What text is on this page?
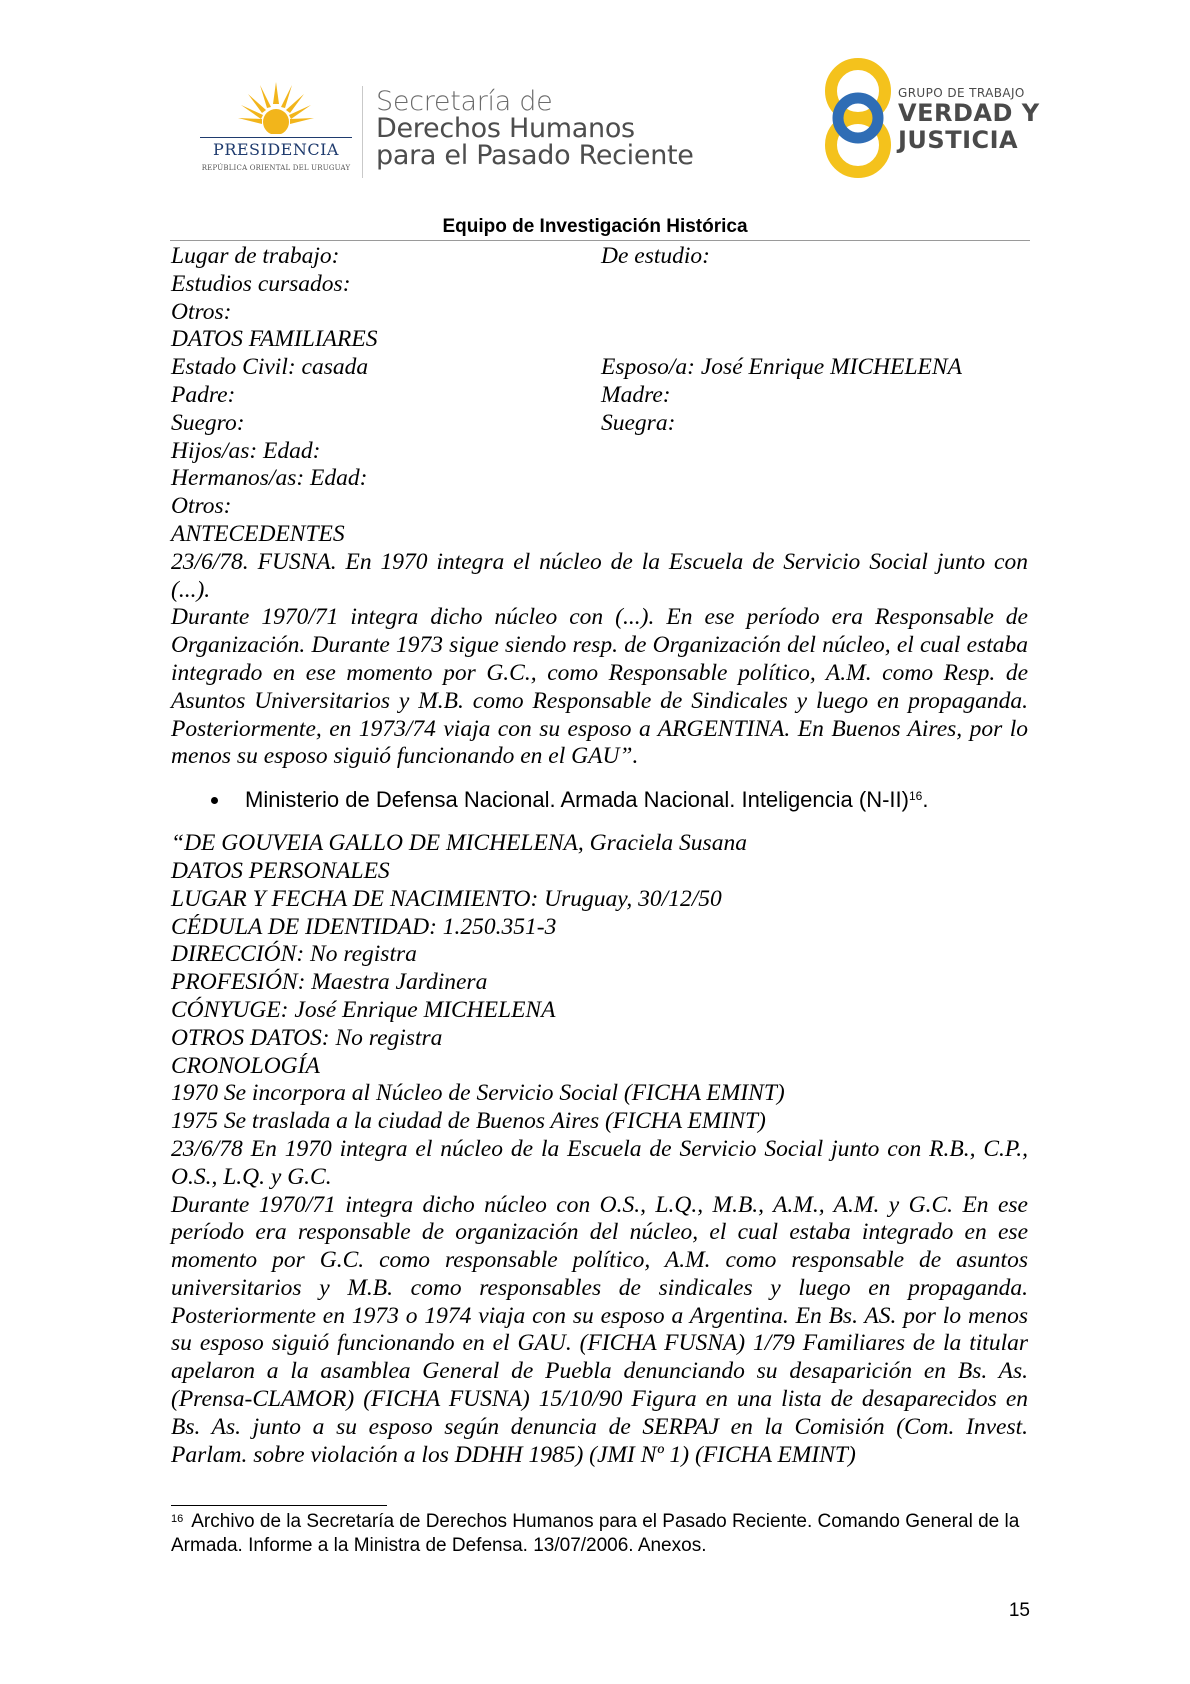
PRESIDENCIA
REPÚBLICA ORIENTAL DEL URUGUAY
Secretaría de
Derechos Humanos
para el Pasado Reciente
GRUPO DE TRABAJO
VERDAD Y
JUSTICIA
Equipo de Investigación Histórica
Lugar de trabajo:	De estudio:
Estudios cursados:
Otros:
DATOS FAMILIARES
Estado Civil: casada	Esposo/a: José Enrique MICHELENA
Padre:	Madre:
Suegro:	Suegra:
Hijos/as: Edad:
Hermanos/as: Edad:
Otros:
ANTECEDENTES
23/6/78. FUSNA. En 1970 integra el núcleo de la Escuela de Servicio Social junto con (...).
Durante 1970/71 integra dicho núcleo con (...). En ese período era Responsable de Organización. Durante 1973 sigue siendo resp. de Organización del núcleo, el cual estaba integrado en ese momento por G.C., como Responsable político, A.M. como Resp. de Asuntos Universitarios y M.B. como Responsable de Sindicales y luego en propaganda. Posteriormente, en 1973/74 viaja con su esposo a ARGENTINA. En Buenos Aires, por lo menos su esposo siguió funcionando en el GAU”.
Ministerio de Defensa Nacional. Armada Nacional. Inteligencia $(N-II)^{16}$.
“DE GOUVEIA GALLO DE MICHELENA, Graciela Susana
DATOS PERSONALES
LUGAR Y FECHA DE NACIMIENTO: Uruguay, 30/12/50
CÉDULA DE IDENTIDAD: 1.250.351-3
DIRECCIÓN: No registra
PROFESIÓN: Maestra Jardinera
CÓNYUGE: José Enrique MICHELENA
OTROS DATOS: No registra
CRONOLOGÍA
1970 Se incorpora al Núcleo de Servicio Social (FICHA EMINT)
1975 Se traslada a la ciudad de Buenos Aires (FICHA EMINT)
23/6/78 En 1970 integra el núcleo de la Escuela de Servicio Social junto con R.B., C.P., O.S., L.Q. y G.C.
Durante 1970/71 integra dicho núcleo con O.S., L.Q., M.B., A.M., A.M. y G.C. En ese período era responsable de organización del núcleo, el cual estaba integrado en ese momento por G.C. como responsable político, A.M. como responsable de asuntos universitarios y M.B. como responsables de sindicales y luego en propaganda. Posteriormente en 1973 o 1974 viaja con su esposo a Argentina. En Bs. AS. por lo menos su esposo siguió funcionando en el GAU. (FICHA FUSNA) 1/79 Familiares de la titular apelaron a la asamblea General de Puebla denunciando su desaparición en Bs. As. (Prensa-CLAMOR) (FICHA FUSNA) 15/10/90 Figura en una lista de desaparecidos en Bs. As. junto a su esposo según denuncia de SERPAJ en la Comisión (Com. Invest. Parlam. sobre violación a los DDHH 1985) (JMI Nº 1) (FICHA EMINT)
$^{16}$ Archivo de la Secretaría de Derechos Humanos para el Pasado Reciente. Comando General de la Armada. Informe a la Ministra de Defensa. 13/07/2006. Anexos.
15
